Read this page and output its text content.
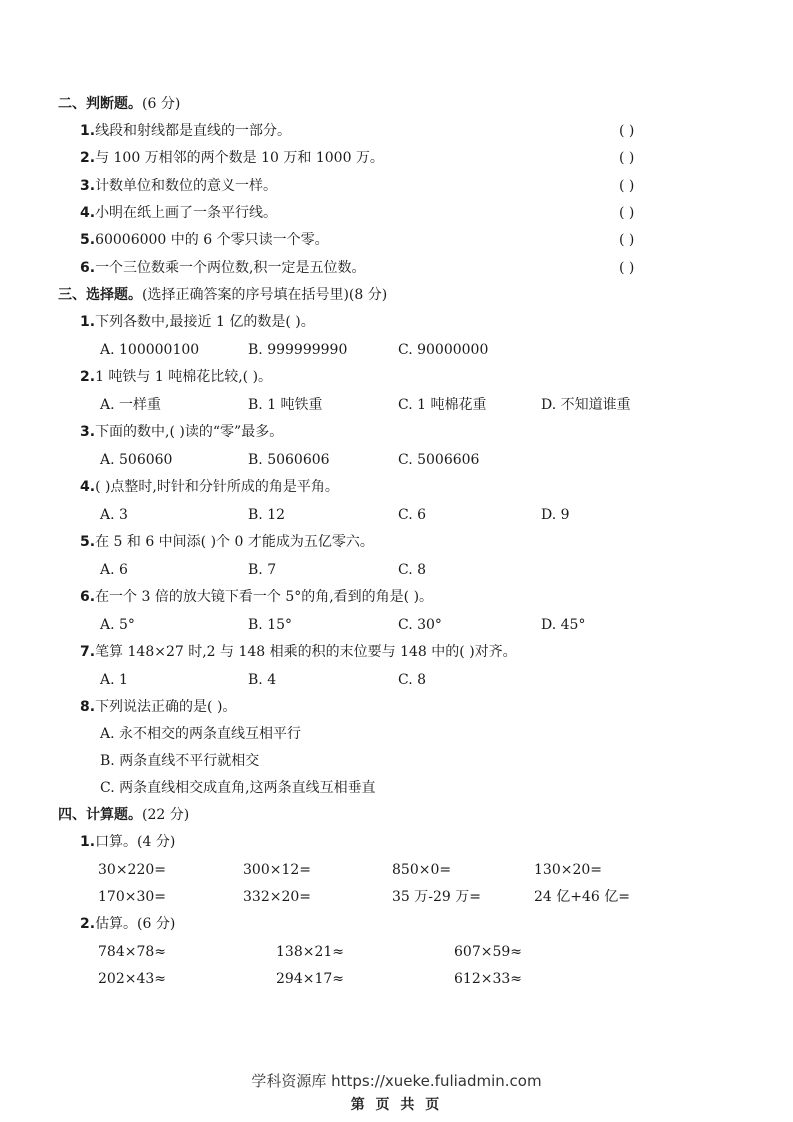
二、判断题。(6 分)
1.线段和射线都是直线的一部分。	( )
2.与 100 万相邻的两个数是 10 万和 1000 万。	( )
3.计数单位和数位的意义一样。	( )
4.小明在纸上画了一条平行线。	( )
5.60006000 中的 6 个零只读一个零。	( )
6.一个三位数乘一个两位数,积一定是五位数。	( )
三、选择题。(选择正确答案的序号填在括号里)(8 分)
1.下列各数中,最接近 1 亿的数是( )。
A. 100000100	B. 999999990	C. 90000000
2.1 吨铁与 1 吨棉花比较,( )。
A. 一样重	B. 1 吨铁重	C. 1 吨棉花重	D. 不知道谁重
3.下面的数中,( )读的“零”最多。
A. 506060	B. 5060606	C. 5006606
4.( )点整时,时针和分针所成的角是平角。
A. 3	B. 12	C. 6	D. 9
5.在 5 和 6 中间添( )个 0 才能成为五亿零六。
A. 6	B. 7	C. 8
6.在一个 3 倍的放大镜下看一个 5°的角,看到的角是( )。
A. 5°	B. 15°	C. 30°	D. 45°
7.笔算 148×27 时,2 与 148 相乘的积的末位要与 148 中的( )对齐。
A. 1	B. 4	C. 8
8.下列说法正确的是( )。
A. 永不相交的两条直线互相平行
B. 两条直线不平行就相交
C. 两条直线相交成直角,这两条直线互相垂直
四、计算题。(22 分)
1.口算。(4 分)
30×220=	300×12=	850×0=	130×20=
170×30=	332×20=	35 万-29 万=	24 亿+46 亿=
2.估算。(6 分)
784×78≈	138×21≈	607×59≈
202×43≈	294×17≈	612×33≈
学科资源库 https://xueke.fuliadmin.com
第 页 共 页
